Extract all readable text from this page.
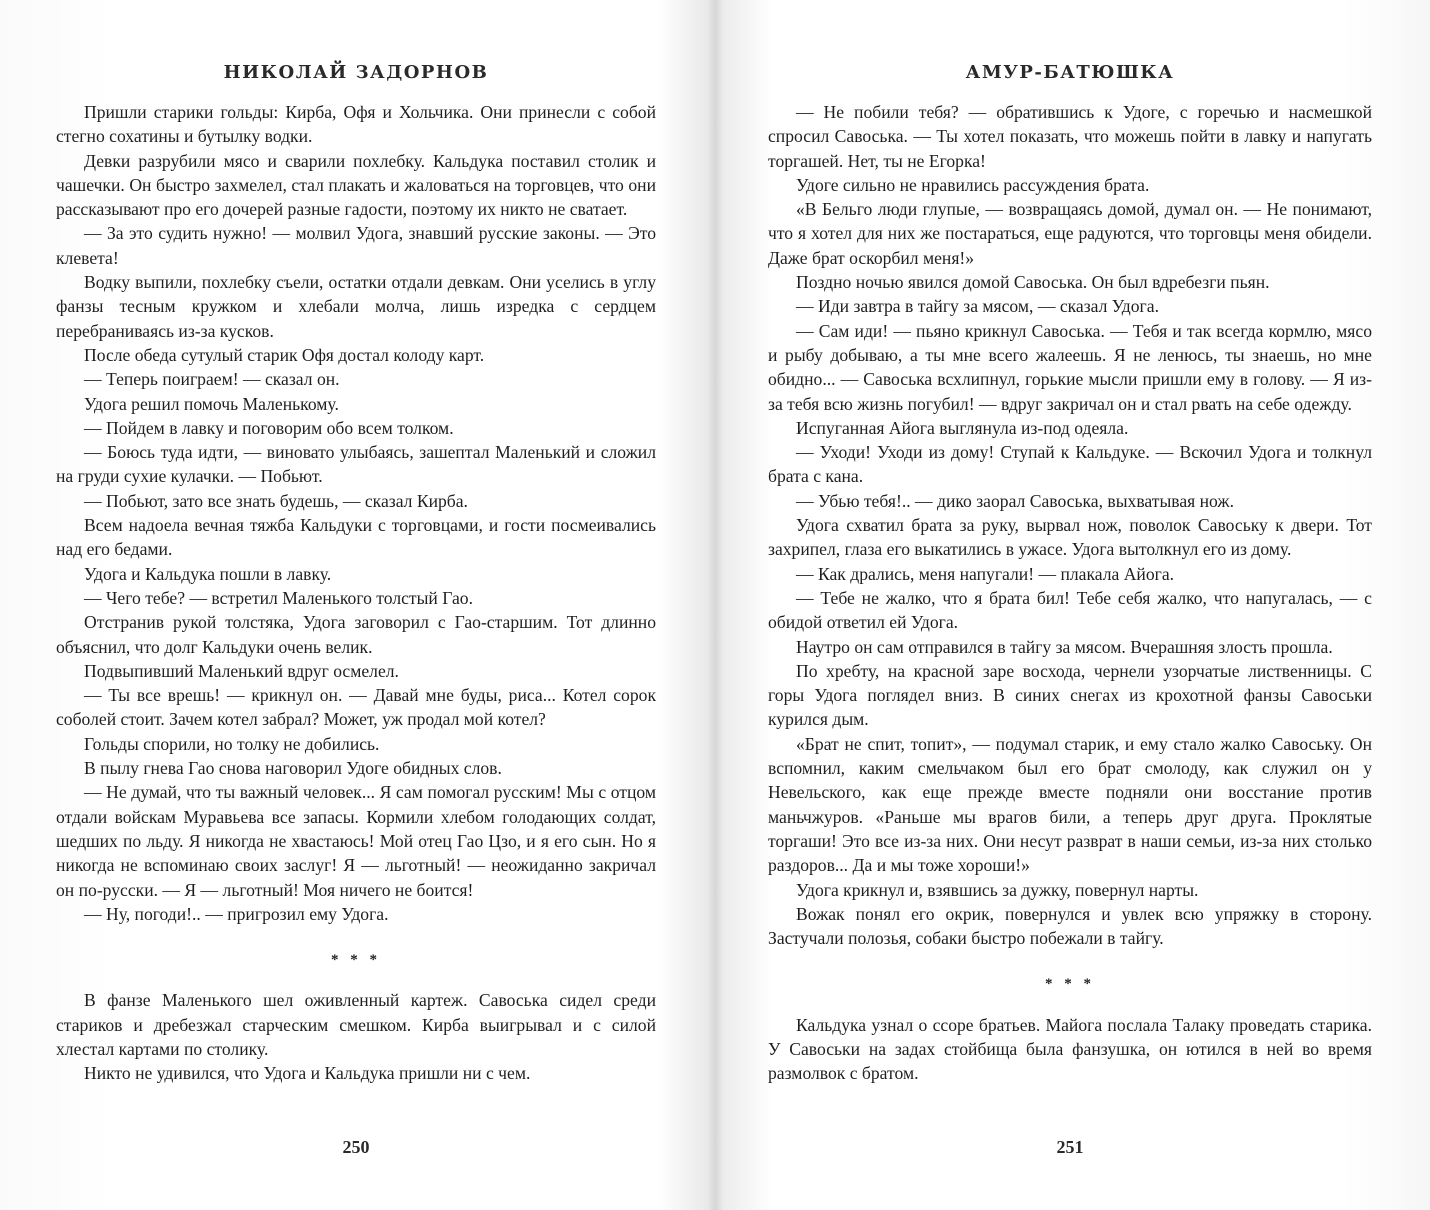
НИКОЛАЙ ЗАДОРНОВ

Пришли старики гольды: Кирба, Офя и Хольчика. Они принесли с собой стегно сохатины и бутылку водки.

Девки разрубили мясо и сварили похлебку. Кальдука поставил столик и чашечки. Он быстро захмелел, стал плакать и жаловаться на торговцев, что они рассказывают про его дочерей разные гадости, поэтому их никто не сватает.

— За это судить нужно! — молвил Удога, знавший русские законы. — Это клевета!

Водку выпили, похлебку съели, остатки отдали девкам. Они уселись в углу фанзы тесным кружком и хлебали молча, лишь изредка с сердцем перебраниваясь из-за кусков.

После обеда сутулый старик Офя достал колоду карт.

— Теперь поиграем! — сказал он.

Удога решил помочь Маленькому.

— Пойдем в лавку и поговорим обо всем толком.

— Боюсь туда идти, — виновато улыбаясь, зашептал Маленький и сложил на груди сухие кулачки. — Побьют.

— Побьют, зато все знать будешь, — сказал Кирба.

Всем надоела вечная тяжба Кальдуки с торговцами, и гости посмеивались над его бедами.

Удога и Кальдука пошли в лавку.

— Чего тебе? — встретил Маленького толстый Гао.

Отстранив рукой толстяка, Удога заговорил с Гао-старшим. Тот длинно объяснил, что долг Кальдуки очень велик.

Подвыпивший Маленький вдруг осмелел.

— Ты все врешь! — крикнул он. — Давай мне буды, риса... Котел сорок соболей стоит. Зачем котел забрал? Может, уж продал мой котел?

Гольды спорили, но толку не добились.

В пылу гнева Гао снова наговорил Удоге обидных слов.

— Не думай, что ты важный человек... Я сам помогал русским! Мы с отцом отдали войскам Муравьева все запасы. Кормили хлебом голодающих солдат, шедших по льду. Я никогда не хвастаюсь! Мой отец Гао Цзо, и я его сын. Но я никогда не вспоминаю своих заслуг! Я — льготный! — неожиданно закричал он по-русски. — Я — льготный! Моя ничего не боится!

— Ну, погоди!.. — пригрозил ему Удога.

* * *

В фанзе Маленького шел оживленный картеж. Савоська сидел среди стариков и дребезжал старческим смешком. Кирба выигрывал и с силой хлестал картами по столику.

Никто не удивился, что Удога и Кальдука пришли ни с чем.

250
АМУР-БАТЮШКА

— Не побили тебя? — обратившись к Удоге, с горечью и насмешкой спросил Савоська. — Ты хотел показать, что можешь пойти в лавку и напугать торгашей. Нет, ты не Егорка!

Удоге сильно не нравились рассуждения брата.

«В Бельго люди глупые, — возвращаясь домой, думал он. — Не понимают, что я хотел для них же постараться, еще радуются, что торговцы меня обидели. Даже брат оскорбил меня!»

Поздно ночью явился домой Савоська. Он был вдребезги пьян.

— Иди завтра в тайгу за мясом, — сказал Удога.

— Сам иди! — пьяно крикнул Савоська. — Тебя и так всегда кормлю, мясо и рыбу добываю, а ты мне всего жалеешь. Я не ленюсь, ты знаешь, но мне обидно... — Савоська всхлипнул, горькие мысли пришли ему в голову. — Я из-за тебя всю жизнь погубил! — вдруг закричал он и стал рвать на себе одежду.

Испуганная Айога выглянула из-под одеяла.

— Уходи! Уходи из дому! Ступай к Кальдуке. — Вскочил Удога и толкнул брата с кана.

— Убью тебя!.. — дико заорал Савоська, выхватывая нож.

Удога схватил брата за руку, вырвал нож, поволок Савоську к двери. Тот захрипел, глаза его выкатились в ужасе. Удога вытолкнул его из дому.

— Как дрались, меня напугали! — плакала Айога.

— Тебе не жалко, что я брата бил! Тебе себя жалко, что напугалась, — с обидой ответил ей Удога.

Наутро он сам отправился в тайгу за мясом. Вчерашняя злость прошла.

По хребту, на красной заре восхода, чернели узорчатые лиственницы. С горы Удога поглядел вниз. В синих снегах из крохотной фанзы Савоськи курился дым.

«Брат не спит, топит», — подумал старик, и ему стало жалко Савоську. Он вспомнил, каким смельчаком был его брат смолоду, как служил он у Невельского, как еще прежде вместе подняли они восстание против маньчжуров. «Раньше мы врагов били, а теперь друг друга. Проклятые торгаши! Это все из-за них. Они несут разврат в наши семьи, из-за них столько раздоров... Да и мы тоже хороши!»

Удога крикнул и, взявшись за дужку, повернул нарты.

Вожак понял его окрик, повернулся и увлек всю упряжку в сторону. Застучали полозья, собаки быстро побежали в тайгу.

* * *

Кальдука узнал о ссоре братьев. Майога послала Талаку проведать старика. У Савоськи на задах стойбища была фанзушка, он ютился в ней во время размолвок с братом.

251
